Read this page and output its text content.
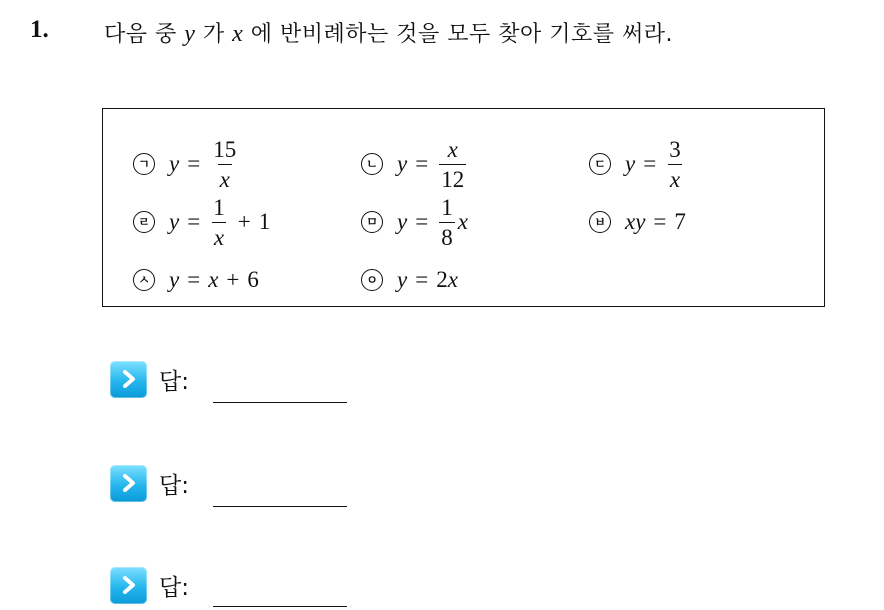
1.	다음 중 y 가 x 에 반비례하는 것을 모두 찾아 기호를 써라.
ㄱ $y = \frac{15}{x}$	ㄴ $y = \frac{x}{12}$	ㄷ $y = \frac{3}{x}$
ㄹ $y = \frac{1}{x} + 1$	ㅁ $y = \frac{1}{8}$ x	ㅂ xy = 7
ㅅ y = x + 6	ㅇ y = 2 x
답:
답:
답:
